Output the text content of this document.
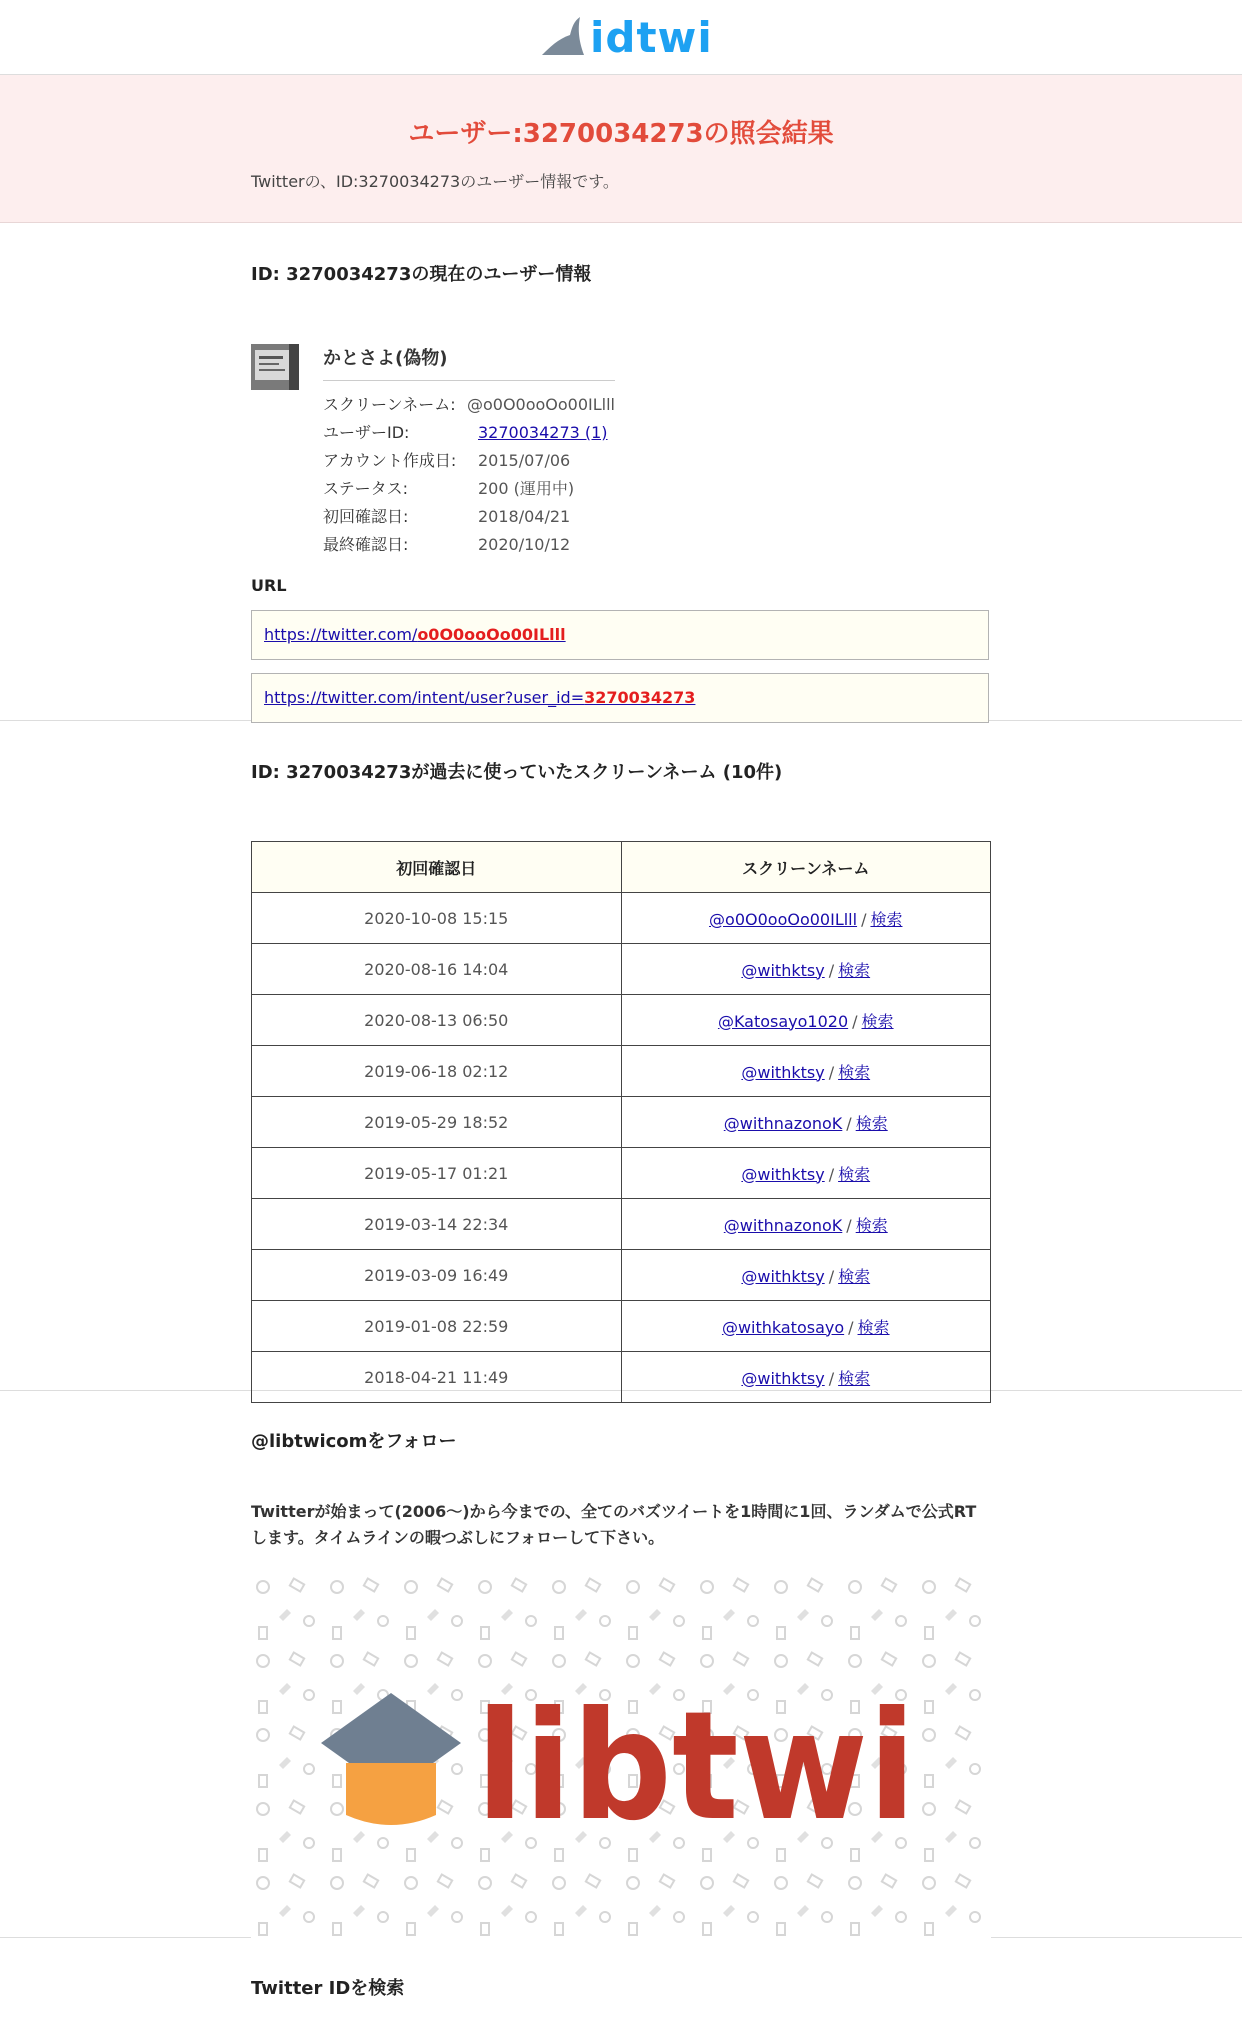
idtwi
ユーザー:3270034273の照会結果
Twitterの、ID:3270034273のユーザー情報です。
ID: 3270034273の現在のユーザー情報
かとさよ(偽物)
スクリーンネーム: @o0O0ooOo00ILlll
ユーザーID:	3270034273 (1)
アカウント作成日:	2015/07/06
ステータス:	200 (運用中)
初回確認日:	2018/04/21
最終確認日:	2020/10/12
URL
https://twitter.com/o0O0ooOo00ILlll
https://twitter.com/intent/user?user_id=3270034273
ID: 3270034273が過去に使っていたスクリーンネーム (10件)
初回確認日	スクリーンネーム
2020-10-08 15:15	@o0O0ooOo00ILlll / 検索
2020-08-16 14:04	@withktsy / 検索
2020-08-13 06:50	@Katosayo1020 / 検索
2019-06-18 02:12	@withktsy / 検索
2019-05-29 18:52	@withnazonoK / 検索
2019-05-17 01:21	@withktsy / 検索
2019-03-14 22:34	@withnazonoK / 検索
2019-03-09 16:49	@withktsy / 検索
2019-01-08 22:59	@withkatosayo / 検索
2018-04-21 11:49	@withktsy / 検索
@libtwicomをフォロー

Twitterが始まって(2006〜)から今までの、全てのバズツイートを1時間に1回、ランダムで公式RTします。タイムラインの暇つぶしにフォローして下さい。

libtwi
Twitter IDを検索
